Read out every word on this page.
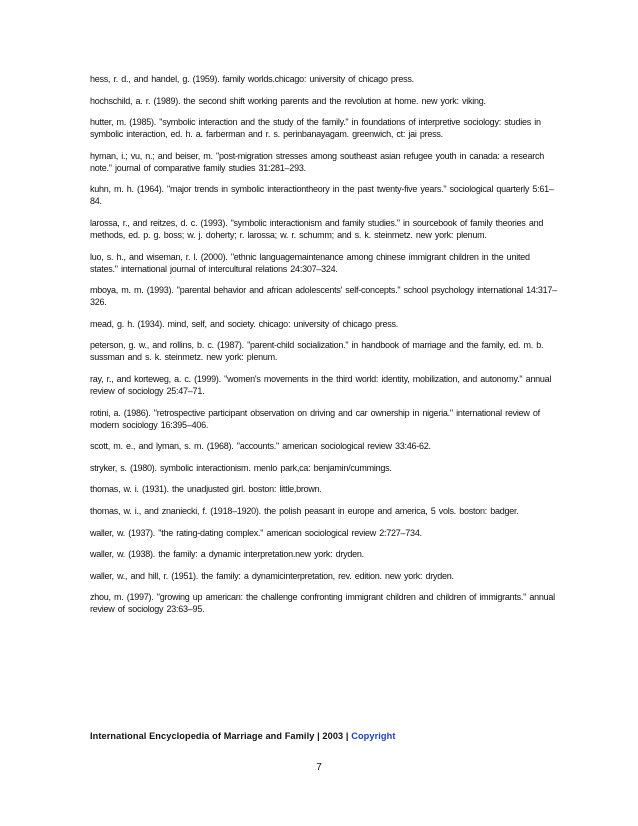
hess, r. d., and handel, g. (1959). family worlds.chicago: university of chicago press.

hochschild, a. r. (1989). the second shift working parents and the revolution at home. new york: viking.

hutter, m. (1985). "symbolic interaction and the study of the family." in foundations of interpretive sociology: studies in symbolic interaction, ed. h. a. farberman and r. s. perinbanayagam. greenwich, ct: jai press.

hyman, i.; vu, n.; and beiser, m. "post-migration stresses among southeast asian refugee youth in canada: a research note." journal of comparative family studies 31:281–293.

kuhn, m. h. (1964). "major trends in symbolic interactiontheory in the past twenty-five years." sociological quarterly 5:61–84.

larossa, r., and reitzes, d. c. (1993). "symbolic interactionism and family studies." in sourcebook of family theories and methods, ed. p. g. boss; w. j. doherty; r. larossa; w. r. schumm; and s. k. steinmetz. new york: plenum.

luo, s. h., and wiseman, r. l. (2000). "ethnic languagemaintenance among chinese immigrant children in the united states." international journal of intercultural relations 24:307–324.

mboya, m. m. (1993). "parental behavior and african adolescents' self-concepts." school psychology international 14:317–326.

mead, g. h. (1934). mind, self, and society. chicago: university of chicago press.

peterson, g. w., and rollins, b. c. (1987). "parent-child socialization." in handbook of marriage and the family, ed. m. b. sussman and s. k. steinmetz. new york: plenum.

ray, r., and korteweg, a. c. (1999). "women's movements in the third world: identity, mobilization, and autonomy." annual review of sociology 25:47–71.

rotini, a. (1986). "retrospective participant observation on driving and car ownership in nigeria." international review of modern sociology 16:395–406.

scott, m. e., and lyman, s. m. (1968). "accounts." american sociological review 33:46-62.

stryker, s. (1980). symbolic interactionism. menlo park,ca: benjamin/cummings.

thomas, w. i. (1931). the unadjusted girl. boston: little,brown.

thomas, w. i., and znaniecki, f. (1918–1920). the polish peasant in europe and america, 5 vols. boston: badger.

waller, w. (1937). "the rating-dating complex." american sociological review 2:727–734.

waller, w. (1938). the family: a dynamic interpretation.new york: dryden.

waller, w., and hill, r. (1951). the family: a dynamicinterpretation, rev. edition. new york: dryden.

zhou, m. (1997). "growing up american: the challenge confronting immigrant children and children of immigrants." annual review of sociology 23:63–95.

International Encyclopedia of Marriage and Family | 2003 | Copyright
7
